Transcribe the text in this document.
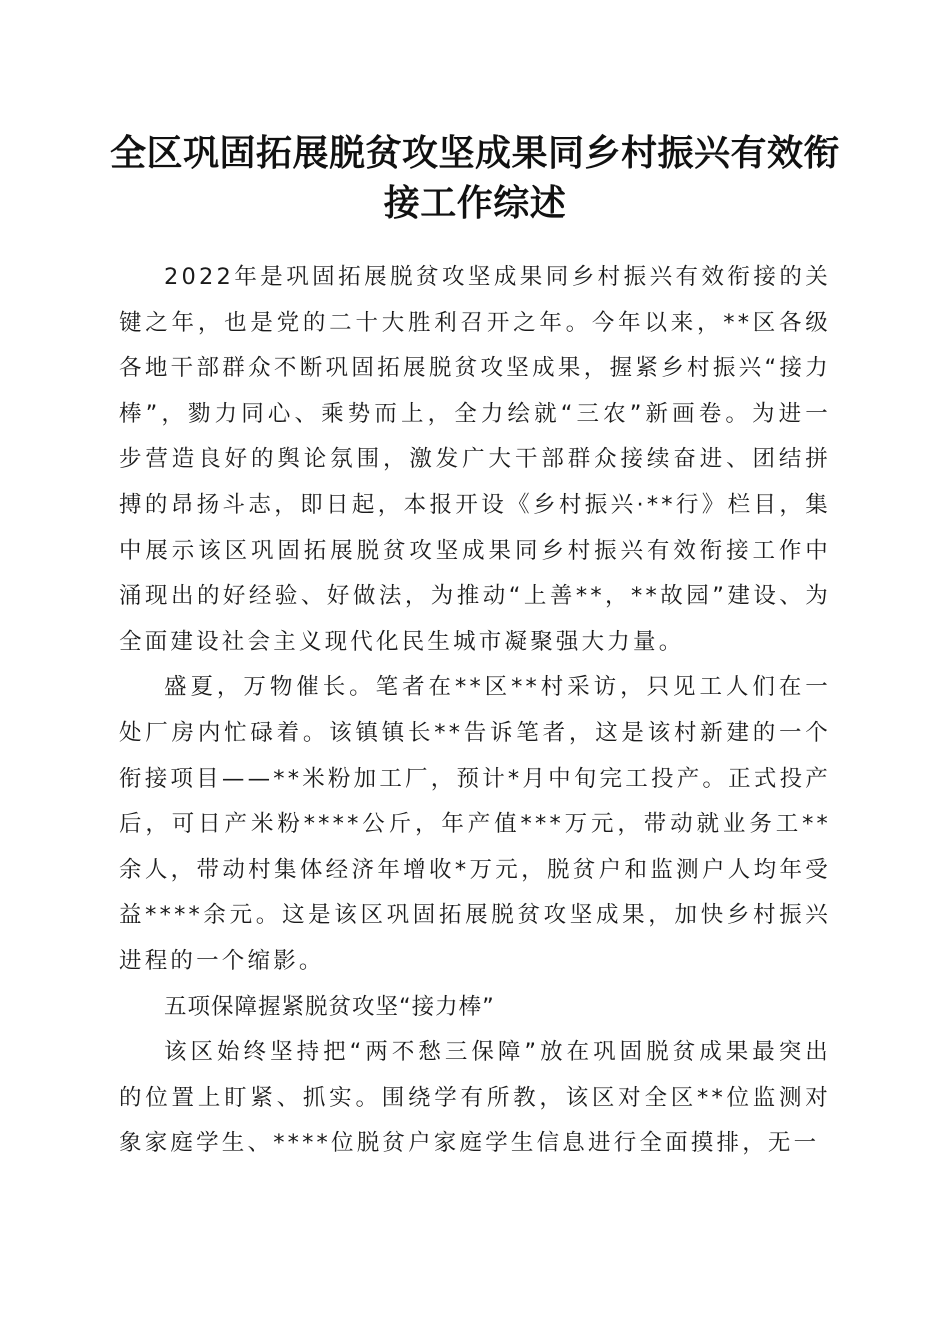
全区巩固拓展脱贫攻坚成果同乡村振兴有效衔
接工作综述

2022年是巩固拓展脱贫攻坚成果同乡村振兴有效衔接的关键之年，也是党的二十大胜利召开之年。今年以来，**区各级各地干部群众不断巩固拓展脱贫攻坚成果，握紧乡村振兴“接力棒”，勠力同心、乘势而上，全力绘就“三农”新画卷。为进一步营造良好的舆论氛围，激发广大干部群众接续奋进、团结拼搏的昂扬斗志，即日起，本报开设《乡村振兴·**行》栏目，集中展示该区巩固拓展脱贫攻坚成果同乡村振兴有效衔接工作中涌现出的好经验、好做法，为推动“上善**，**故园”建设、为全面建设社会主义现代化民生城市凝聚强大力量。

盛夏，万物催长。笔者在**区**村采访，只见工人们在一处厂房内忙碌着。该镇镇长**告诉笔者，这是该村新建的一个衔接项目——**米粉加工厂，预计*月中旬完工投产。正式投产后，可日产米粉****公斤，年产值***万元，带动就业务工**余人，带动村集体经济年增收*万元，脱贫户和监测户人均年受益****余元。这是该区巩固拓展脱贫攻坚成果，加快乡村振兴进程的一个缩影。

五项保障握紧脱贫攻坚“接力棒”

该区始终坚持把“两不愁三保障”放在巩固脱贫成果最突出的位置上盯紧、抓实。围绕学有所教，该区对全区**位监测对象家庭学生、****位脱贫户家庭学生信息进行全面摸排，无一
